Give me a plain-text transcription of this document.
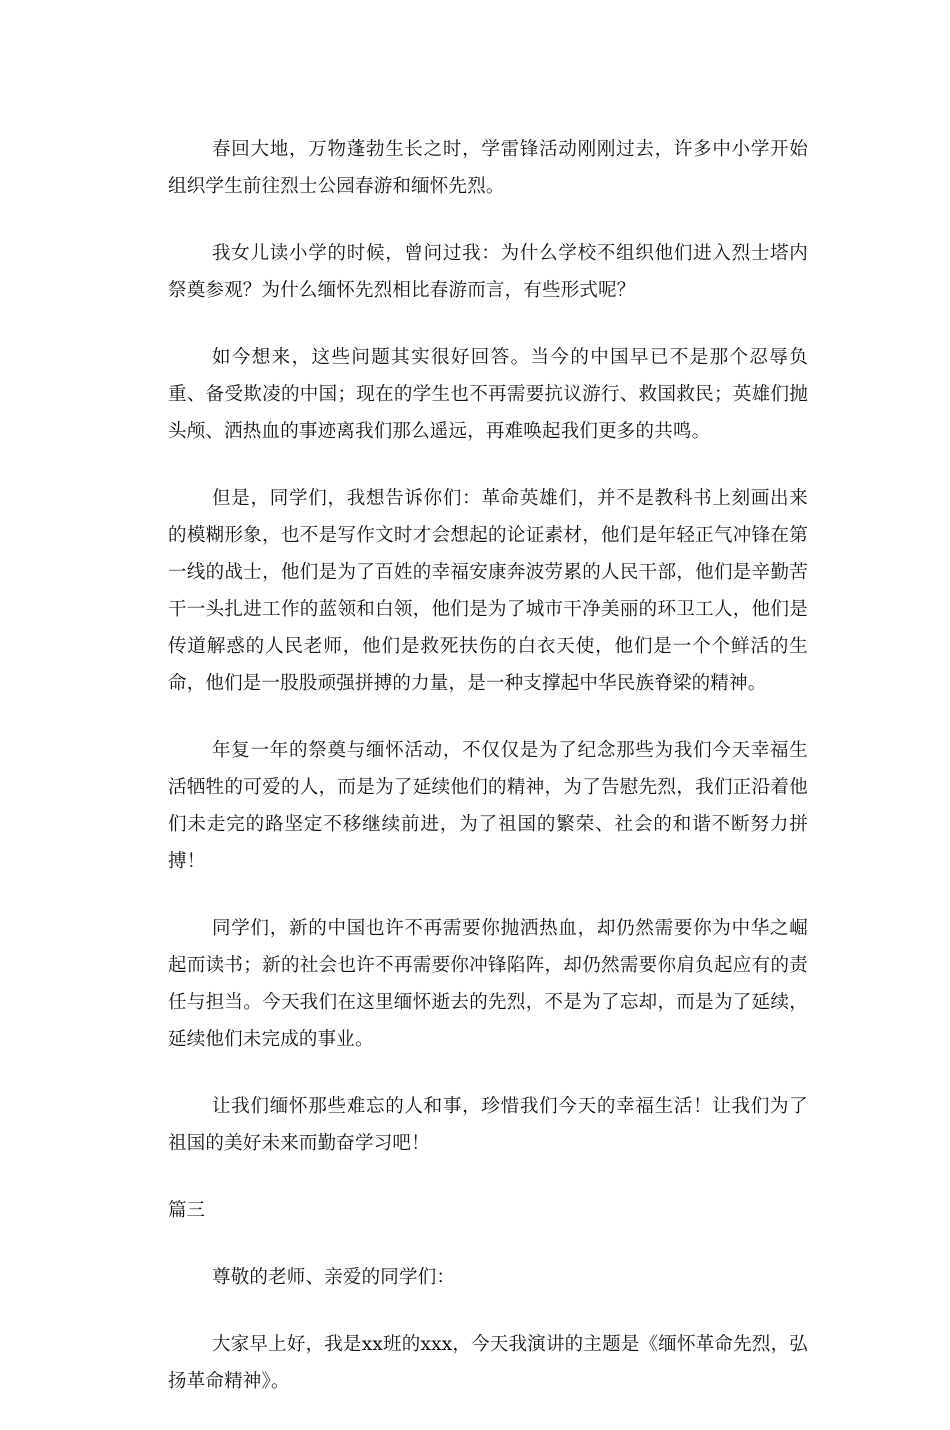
春回大地，万物蓬勃生长之时，学雷锋活动刚刚过去，许多中小学开始组织学生前往烈士公园春游和缅怀先烈。

我女儿读小学的时候，曾问过我：为什么学校不组织他们进入烈士塔内祭奠参观？为什么缅怀先烈相比春游而言，有些形式呢？

如今想来，这些问题其实很好回答。当今的中国早已不是那个忍辱负重、备受欺凌的中国；现在的学生也不再需要抗议游行、救国救民；英雄们抛头颅、洒热血的事迹离我们那么遥远，再难唤起我们更多的共鸣。

但是，同学们，我想告诉你们：革命英雄们，并不是教科书上刻画出来的模糊形象，也不是写作文时才会想起的论证素材，他们是年轻正气冲锋在第一线的战士，他们是为了百姓的幸福安康奔波劳累的人民干部，他们是辛勤苦干一头扎进工作的蓝领和白领，他们是为了城市干净美丽的环卫工人，他们是传道解惑的人民老师，他们是救死扶伤的白衣天使，他们是一个个鲜活的生命，他们是一股股顽强拼搏的力量，是一种支撑起中华民族脊梁的精神。

年复一年的祭奠与缅怀活动，不仅仅是为了纪念那些为我们今天幸福生活牺牲的可爱的人，而是为了延续他们的精神，为了告慰先烈，我们正沿着他们未走完的路坚定不移继续前进，为了祖国的繁荣、社会的和谐不断努力拼搏！

同学们，新的中国也许不再需要你抛洒热血，却仍然需要你为中华之崛起而读书；新的社会也许不再需要你冲锋陷阵，却仍然需要你肩负起应有的责任与担当。今天我们在这里缅怀逝去的先烈，不是为了忘却，而是为了延续，延续他们未完成的事业。

让我们缅怀那些难忘的人和事，珍惜我们今天的幸福生活！让我们为了祖国的美好未来而勤奋学习吧！

篇三

尊敬的老师、亲爱的同学们：

大家早上好，我是xx班的xxx，今天我演讲的主题是《缅怀革命先烈，弘扬革命精神》。
